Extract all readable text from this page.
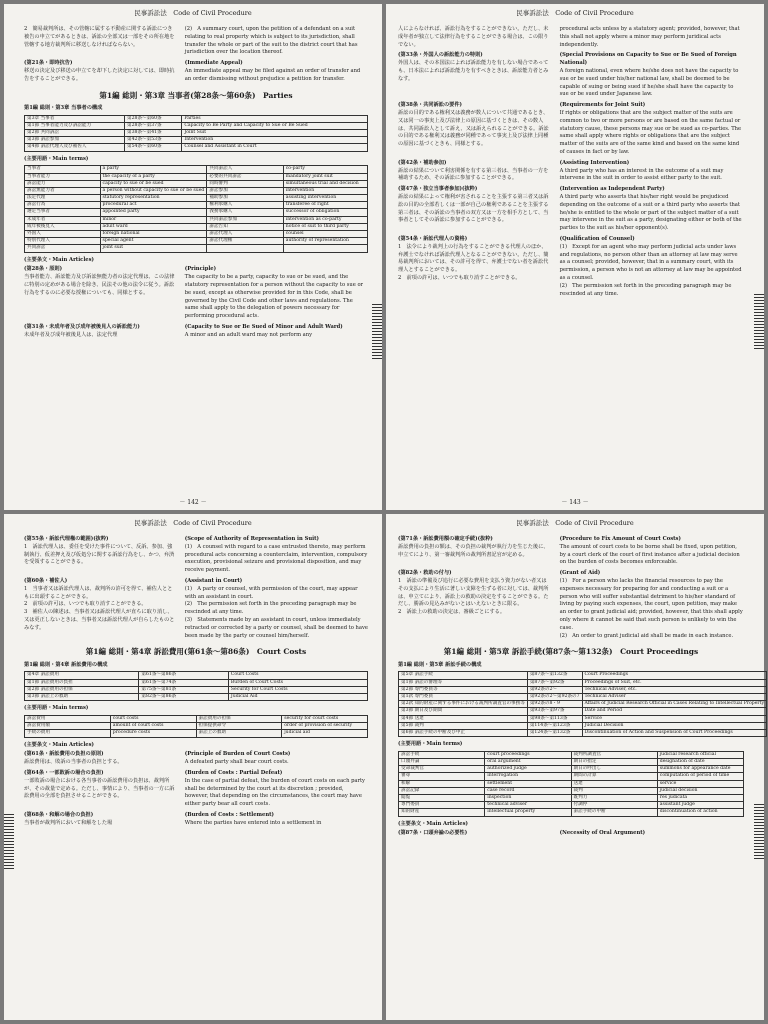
民事訴訟法　Code of Civil Procedure
2　簡易裁判所は、その管轄に属する不動産に関する訴訟につき被告の申立てがあるときは、訴訟の全部又は一部をその所在地を管轄する地方裁判所に移送しなければならない。
(2)　A summary court, upon the petition of a defendant on a suit relating to real property which is subject to its jurisdiction, shall transfer the whole or part of the suit to the district court that has jurisdiction over the location thereof.
(第21条・即時抗告)
移送の決定及び移送の申立てを却下した決定に対しては、即時抗告をすることができる。
(Immediate Appeal)
An immediate appeal may be filed against an order of transfer and an order dismissing without prejudice a petition for transfer.
第1編 総則・第3章 当事者(第28条～第60条)　Parties
第1編 総則・第3章 当事者の構成
第3章 当事者	第28条～第60条	Parties
第1節 当事者能力及び訴訟能力	第28条～第37条	Capacity to Be Party and Capacity to Sue or Be Sued
第2節 共同訴訟	第38条～第41条	Joint Suit
第3節 訴訟参加	第42条～第53条	Intervention
第4節 訴訟代理人及び補佐人	第54条～第60条	Counsel and Assistant in Court
(主要用語・Main terms)
当事者	a party	共同訴訟人	co-party
当事者能力	the capacity of a party	必要的共同訴訟	mandatory joint suit
訴訟能力	capacity to sue or be sued	同時審判	simultaneous trial and decision
訴訟無能力者	a person without capacity to sue or be sued	訴訟参加	intervention
法定代理	statutory representation	補助参加	assisting intervention
訴訟行為	procedural act	権利承継人	transferee of right
選定当事者	appointed party	義務承継人	successor of obligation
未成年者	minor	共同訴訟参加	intervention as co-party
成年被後見人	adult ward	訴訟告知	notice of suit to third party
外国人	foreign national	訴訟代理人	counsel
特別代理人	special agent	訴訟代理権	authority of representation
共同訴訟	joint suit		
(主要条文・Main Articles)
(第28条・原則)
当事者能力、訴訟能力及び訴訟無能力者の法定代理は、この法律に特別の定めがある場合を除き、民法その他の法令に従う。訴訟行為をするのに必要な授権についても、同様とする。
(Principle)
The capacity to be a party, capacity to sue or be sued, and the statutory representation for a person without the capacity to sue or be sued, except as otherwise provided for in this Code, shall be governed by the Civil Code and other laws and regulations. The same shall apply to the delegation of powers necessary for performing procedural acts.
(第31条・未成年者及び成年被後見人の訴訟能力)
未成年者及び成年被後見人は、法定代理
(Capacity to Sue or Be Sued of Minor and Adult Ward)
A minor and an adult ward may not perform any
－ 142 －
民事訴訟法　Code of Civil Procedure
人によらなければ、訴訟行為をすることができない。ただし、未成年者が独立して法律行為をすることができる場合は、この限りでない。
procedural acts unless by a statutory agent; provided, however, that this shall not apply where a minor may perform juridical acts independently.
(第33条・外国人の訴訟能力の特則)
外国人は、その本国法によれば訴訟能力を有しない場合であっても、日本法によれば訴訟能力を有すべきときは、訴訟能力者とみなす。
(Special Provisions on Capacity to Sue or Be Sued of Foreign National)
A foreign national, even where he/she does not have the capacity to sue or be sued under his/her national law, shall be deemed to be capable of suing or being sued if he/she shall have the capacity to sue or be sued under Japanese law.
(第38条・共同訴訟の要件)
訴訟の目的である権利又は義務が数人について共通であるとき、又は同一の事実上及び法律上の原因に基づくときは、その数人は、共同訴訟人として訴え、又は訴えられることができる。訴訟の目的である権利又は義務が同種であって事実上及び法律上同種の原因に基づくときも、同様とする。
(Requirements for Joint Suit)
If rights or obligations that are the subject matter of the suits are common to two or more persons or are based on the same factual or statutory cause, these persons may sue or be sued as co-parties. The same shall apply where rights or obligations that are the subject matter of the suits are of the same kind and based on the same kind of causes in fact or by law.
(第42条・補助参加)
訴訟の結果について利害関係を有する第三者は、当事者の一方を補助するため、その訴訟に参加することができる。
(Assisting Intervention)
A third party who has an interest in the outcome of a suit may intervene in the suit in order to assist either party to the suit.
(第47条・独立当事者参加)(抜粋)
訴訟の結果によって権利が害されることを主張する第三者又は訴訟の目的の全部若しくは一部が自己の権利であることを主張する第三者は、その訴訟の当事者の双方又は一方を相手方として、当事者としてその訴訟に参加することができる。
(Intervention as Independent Party)
A third party who asserts that his/her right would be prejudiced depending on the outcome of a suit or a third party who asserts that he/she is entitled to the whole or part of the subject matter of a suit may intervene in the suit as a party, designating either or both of the parties to the suit as his/her opponent(s).
(第54条・訴訟代理人の資格)
1　法令により裁判上の行為をすることができる代理人のほか、弁護士でなければ訴訟代理人となることができない。ただし、簡易裁判所においては、その許可を得て、弁護士でない者を訴訟代理人とすることができる。
2　前項の許可は、いつでも取り消すことができる。
(Qualification of Counsel)
(1)　Except for an agent who may perform judicial acts under laws and regulations, no person other than an attorney at law may serve as a counsel; provided, however, that in a summary court, with its permission, a person who is not an attorney at law may be appointed as a counsel.
(2)　The permission set forth in the preceding paragraph may be rescinded at any time.
－ 143 －
民事訴訟法　Code of Civil Procedure
(第55条・訴訟代理権の範囲)(抜粋)
1　訴訟代理人は、委任を受けた事件について、反訴、参加、強制執行、仮差押え及び仮処分に関する訴訟行為をし、かつ、弁済を受領することができる。
(Scope of Authority of Representation in Suit)
(1)　A counsel with regard to a case entrusted thereto, may perform procedural acts concerning a counterclaim, intervention, compulsory execution, provisional seizure and provisional disposition, and may receive payment.
(第60条・補佐人)
1　当事者又は訴訟代理人は、裁判所の許可を得て、補佐人とともに出頭することができる。
2　前項の許可は、いつでも取り消すことができる。
3　補佐人の陳述は、当事者又は訴訟代理人が直ちに取り消し、又は更正しないときは、当事者又は訴訟代理人が自らしたものとみなす。
(Assistant in Court)
(1)　A party or counsel, with permission of the court, may appear with an assistant in court.
(2)　The permission set forth in the preceding paragraph may be rescinded at any time.
(3)　Statements made by an assistant in court, unless immediately retracted or corrected by a party or counsel, shall be deemed to have been made by the party or counsel him/herself.
第1編 総則・第4章 訴訟費用(第61条～第86条)　Court Costs
第1編 総則・第4章 訴訟費用の構成
第4章 訴訟費用	第61条～第86条	Court Costs
第1節 訴訟費用の負担	第61条～第74条	Burden of Court Costs
第2節 訴訟費用の担保	第75条～第81条	Security for Court Costs
第3節 訴訟上の救助	第82条～第86条	Judicial Aid
(主要用語・Main terms)
訴訟費用	court costs	訴訟費用の担保	security for court costs
訴訟費用額	amount of court costs	担保提供命令	order of provision of security
手続の費用	procedure costs	訴訟上の救助	judicial aid
(主要条文・Main Articles)
(第61条・訴訟費用の負担の原則)
訴訟費用は、敗訴の当事者の負担とする。
(Principle of Burden of Court Costs)
A defeated party shall bear court costs.
(第64条・一部敗訴の場合の負担)
一部敗訴の場合における各当事者の訴訟費用の負担は、裁判所が、その裁量で定める。ただし、事情により、当事者の一方に訴訟費用の全部を負担させることができる。
(Burden of Costs : Partial Defeat)
In the case of partial defeat, the burden of court costs on each party shall be determined by the court at its discretion ; provided, however, that depending on the circumstances, the court may have either party bear all court costs.
(第68条・和解の場合の負担)
当事者が裁判所において和解をした場
(Burden of Costs : Settlement)
Where the parties have entered into a settlement in
民事訴訟法　Code of Civil Procedure
(第71条・訴訟費用額の確定手続)(抜粋)
訴訟費用の負担の額は、その負担の裁判が執行力を生じた後に、申立てにより、第一審裁判所の裁判所書記官が定める。
(Procedure to Fix Amount of Court Costs)
The amount of court costs to be borne shall be fixed, upon petition, by a court clerk of the court of first instance after a judicial decision on the burden of costs becomes enforceable.
(第82条・救助の付与)
1　訴訟の準備及び追行に必要な費用を支払う資力がない者又はその支払により生活に著しい支障を生ずる者に対しては、裁判所は、申立てにより、訴訟上の救助の決定をすることができる。ただし、勝訴の見込みがないとはいえないときに限る。
2　訴訟上の救助の決定は、審級ごとにする。
(Grant of Aid)
(1)　For a person who lacks the financial resources to pay the expenses necessary for preparing for and conducting a suit or a person who will suffer substantial detriment to his/her standard of living by paying such expenses, the court, upon petition, may make an order to grant judicial aid; provided, however, that this shall apply only where it cannot be said that such person is unlikely to win the case.
(2)　An order to grant judicial aid shall be made in each instance.
第1編 総則・第5章 訴訟手続(第87条～第132条)　Court Proceedings
第1編 総則・第5章 訴訟手続の構成
第5章 訴訟手続	第87条～第132条	Court Proceedings
第1節 訴訟の審理等	第87条～第92条	Proceedings of Suit, etc.
第2節 専門委員等	第92条の2～	Technical Adviser, etc.
第1款 専門委員	第92条の2～第92条の7	Technical Adviser
第2款 知的財産に関する事件における裁判所調査官の事務等	第92条の8・9	Affairs of Judicial Research Official in Cases Relating to Intellectual Property
第3節 期日及び期間	第93条～第97条	Date and Period
第4節 送達	第98条～第113条	Service
第5節 裁判	第114条～第123条	Judicial Decision
第6節 訴訟手続の中断及び中止	第124条～第132条	Discontinuation of Action and Suspension of Court Proceedings
(主要用語・Main terms)
訴訟手続	court proceedings	裁判所調査官	judicial research official
口頭弁論	oral argument	期日の指定	designation of date
受命裁判官	authorized judge	期日の呼出し	summons for appearance date
審尋	interrogation	期間の計算	computation of period of time
和解	settlement	送達	service
訴訟記録	case record	裁判	judicial decision
閲覧	inspection	既判力	res judicata
専門委員	technical adviser	付調停	assistant judge
知的財産	intellectual property	訴訟手続の中断	discontinuation of action
(主要条文・Main Articles)
(第87条・口頭弁論の必要性)	(Necessity of Oral Argument)
